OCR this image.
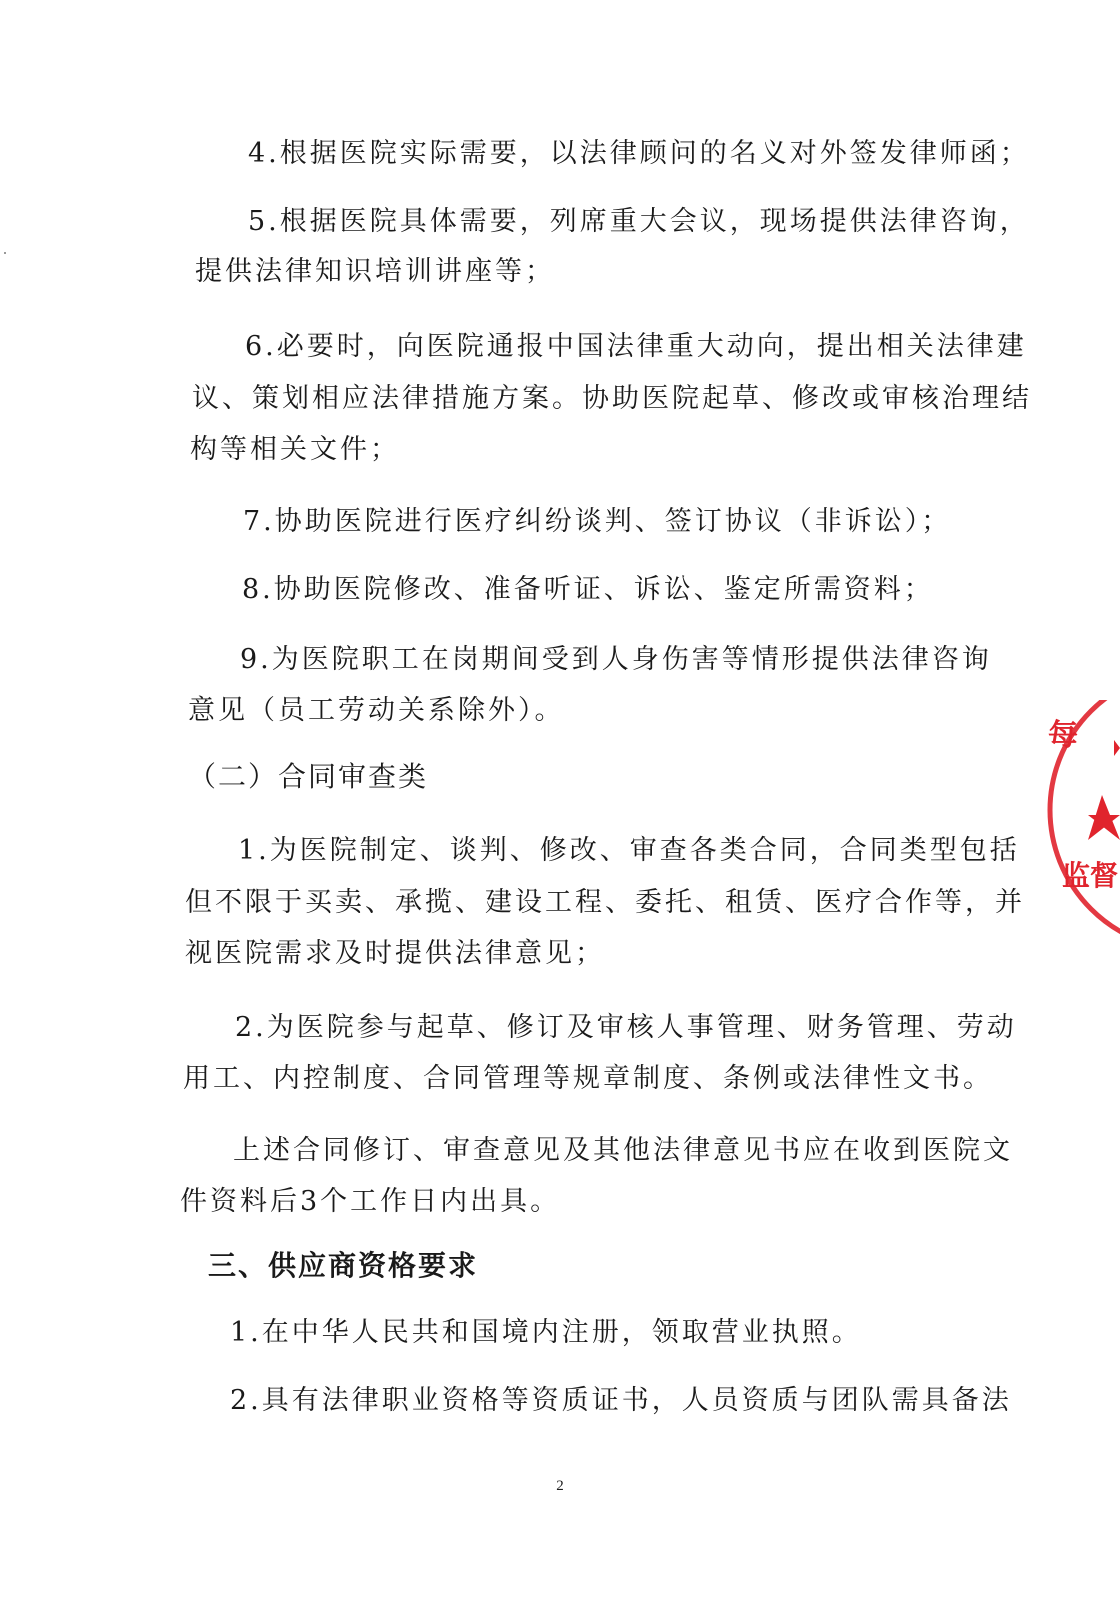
4.根据医院实际需要，以法律顾问的名义对外签发律师函；
5.根据医院具体需要，列席重大会议，现场提供法律咨询，
提供法律知识培训讲座等；
6.必要时，向医院通报中国法律重大动向，提出相关法律建
议、策划相应法律措施方案。协助医院起草、修改或审核治理结
构等相关文件；
7.协助医院进行医疗纠纷谈判、签订协议（非诉讼）；
8.协助医院修改、准备听证、诉讼、鉴定所需资料；
9.为医院职工在岗期间受到人身伤害等情形提供法律咨询
意见（员工劳动关系除外）。
（二）合同审查类
1.为医院制定、谈判、修改、审查各类合同，合同类型包括
但不限于买卖、承揽、建设工程、委托、租赁、医疗合作等，并
视医院需求及时提供法律意见；
2.为医院参与起草、修订及审核人事管理、财务管理、劳动
用工、内控制度、合同管理等规章制度、条例或法律性文书。
上述合同修订、审查意见及其他法律意见书应在收到医院文
件资料后3个工作日内出具。
三、供应商资格要求
1.在中华人民共和国境内注册，领取营业执照。
2.具有法律职业资格等资质证书，人员资质与团队需具备法
2
每
监督
